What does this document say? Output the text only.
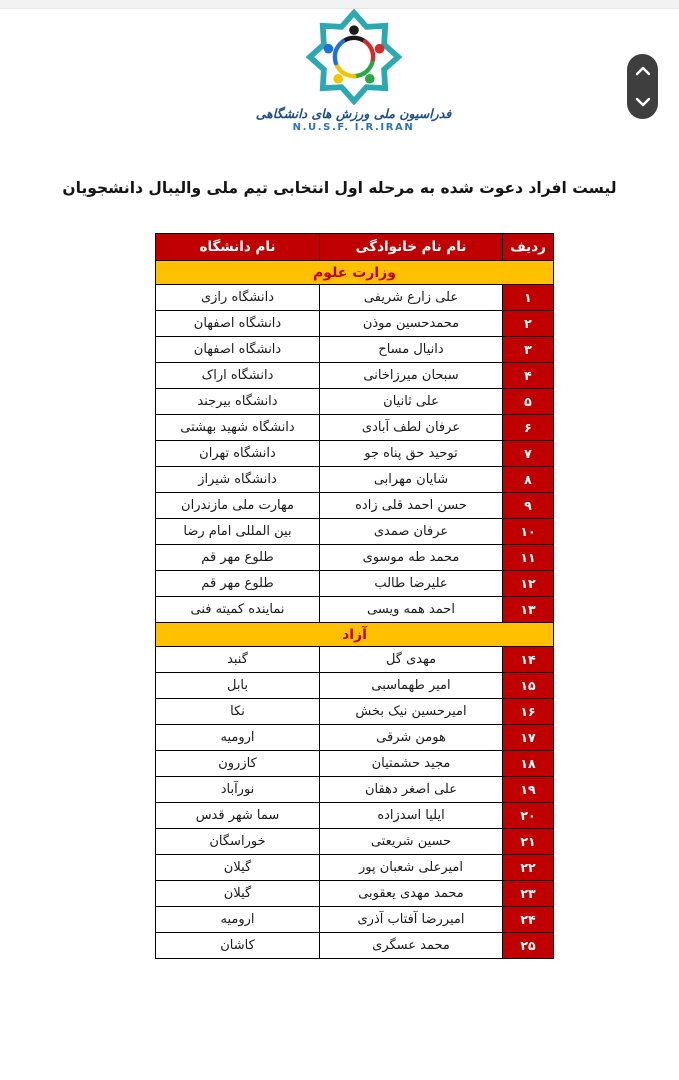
فدراسیون ملی ورزش های دانشگاهی
N.U.S.F. I.R.IRAN
لیست افراد دعوت شده به مرحله اول انتخابی تیم ملی والیبال دانشجویان
ردیف	نام نام خانوادگی	نام دانشگاه
وزارت علوم		
۱	علی زارع شریفی	دانشگاه رازی
۲	محمدحسین موذن	دانشگاه اصفهان
۳	دانیال مساح	دانشگاه اصفهان
۴	سبحان میرزاخانی	دانشگاه اراک
۵	علی ثانیان	دانشگاه بیرجند
۶	عرفان لطف آبادی	دانشگاه شهید بهشتی
۷	توحید حق پناه جو	دانشگاه تهران
۸	شایان مهرابی	دانشگاه شیراز
۹	حسن احمد قلی زاده	مهارت ملی مازندران
۱۰	عرفان صمدی	بین المللی امام رضا
۱۱	محمد طه موسوی	طلوع مهر قم
۱۲	علیرضا طالب	طلوع مهر قم
۱۳	احمد همه ویسی	نماینده کمیته فنی
آزاد		
۱۴	مهدی گل	گنبد
۱۵	امیر طهماسبی	بابل
۱۶	امیرحسین نیک بخش	نکا
۱۷	هومن شرقی	ارومیه
۱۸	مجید حشمتیان	کازرون
۱۹	علی اصغر دهقان	نورآباد
۲۰	ایلیا اسدزاده	سما شهر قدس
۲۱	حسین شریعتی	خوراسگان
۲۲	امیرعلی شعبان پور	گیلان
۲۳	محمد مهدی یعقوبی	گیلان
۲۴	امیررضا آفتاب آذری	ارومیه
۲۵	محمد عسگری	کاشان
